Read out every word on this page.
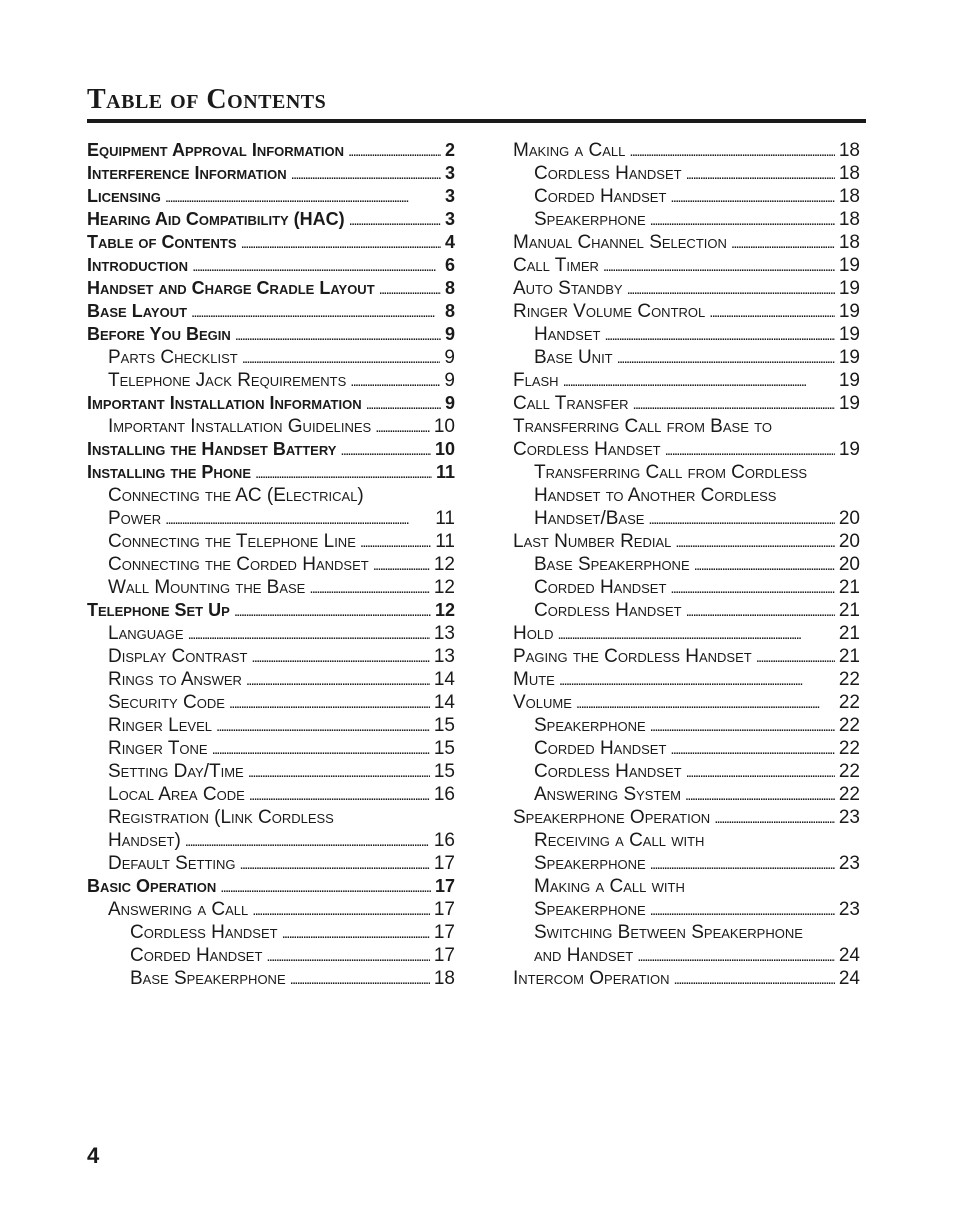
Table of Contents
Equipment Approval Information . . .	2
Interference Information . . .	3
Licensing . . .	3
Hearing Aid Compatibility (HAC) . . .	3
Table of Contents . . .	4
Introduction . . .	6
Handset and Charge Cradle Layout . . .	8
Base Layout . . .	8
Before You Begin . . .	9
Parts Checklist . . .	9
Telephone Jack Requirements . . .	9
Important Installation Information . . .	9
Important Installation Guidelines . . .	10
Installing the Handset Battery . . .	10
Installing the Phone . . .	11
Connecting the AC (Electrical)
Power . . .	11
Connecting the Telephone Line . . .	11
Connecting the Corded Handset . . .	12
Wall Mounting the Base . . .	12
Telephone Set Up . . .	12
Language . . .	13
Display Contrast . . .	13
Rings to Answer . . .	14
Security Code . . .	14
Ringer Level . . .	15
Ringer Tone . . .	15
Setting Day/Time . . .	15
Local Area Code . . .	16
Registration (Link Cordless
Handset) . . .	16
Default Setting . . .	17
Basic Operation . . .	17
Answering a Call . . .	17
Cordless Handset . . .	17
Corded Handset . . .	17
Base Speakerphone . . .	18
Making a Call . . .	18
Cordless Handset . . .	18
Corded Handset . . .	18
Speakerphone . . .	18
Manual Channel Selection . . .	18
Call Timer . . .	19
Auto Standby . . .	19
Ringer Volume Control . . .	19
Handset . . .	19
Base Unit . . .	19
Flash . . .	19
Call Transfer . . .	19
Transferring Call from Base to
Cordless Handset . . .	19
Transferring Call from Cordless
Handset to Another Cordless
Handset/Base . . .	20
Last Number Redial . . .	20
Base Speakerphone . . .	20
Corded Handset . . .	21
Cordless Handset . . .	21
Hold . . .	21
Paging the Cordless Handset . . .	21
Mute . . .	22
Volume . . .	22
Speakerphone . . .	22
Corded Handset . . .	22
Cordless Handset . . .	22
Answering System . . .	22
Speakerphone Operation . . .	23
Receiving a Call with
Speakerphone . . .	23
Making a Call with
Speakerphone . . .	23
Switching Between Speakerphone
and Handset . . .	24
Intercom Operation . . .	24
4
